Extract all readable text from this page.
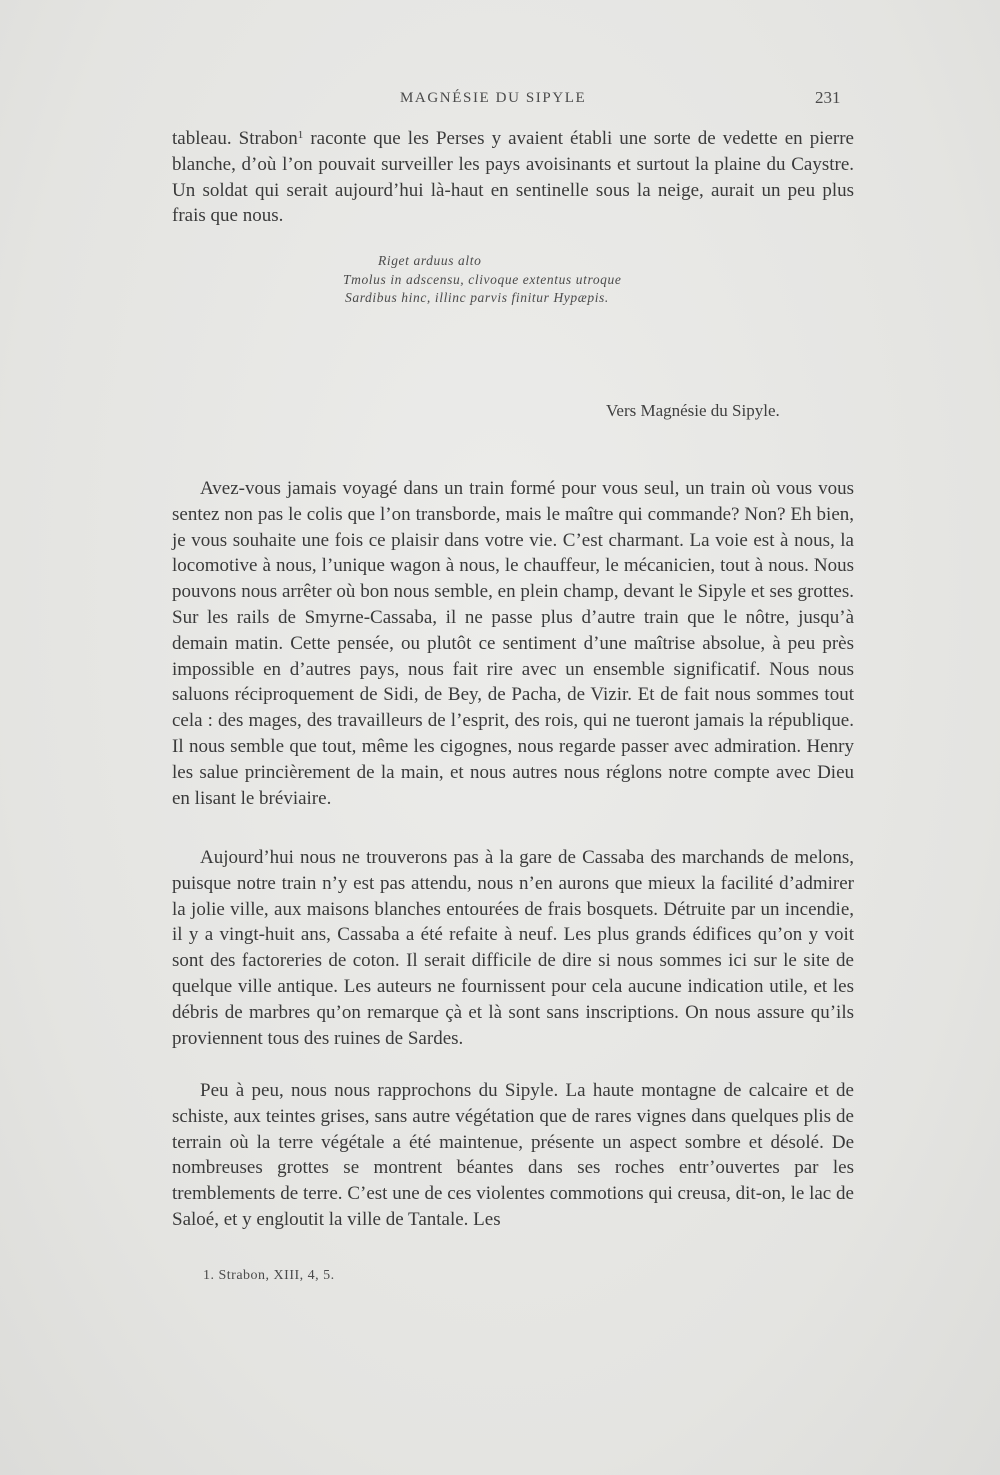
MAGNÉSIE DU SIPYLE	231

tableau. Strabon$^1$ raconte que les Perses y avaient établi une sorte de vedette en pierre blanche, d’où l’on pouvait surveiller les pays avoisinants et surtout la plaine du Caystre. Un soldat qui serait aujourd’hui là-haut en sentinelle sous la neige, aurait un peu plus frais que nous.

Riget arduus alto
Tmolus in adscensu, clivoque extentus utroque
Sardibus hinc, illinc parvis finitur Hypæpis.
Vers Magnésie du Sipyle.

Avez-vous jamais voyagé dans un train formé pour vous seul, un train où vous vous sentez non pas le colis que l’on transborde, mais le maître qui commande? Non? Eh bien, je vous souhaite une fois ce plaisir dans votre vie. C’est charmant. La voie est à nous, la locomotive à nous, l’unique wagon à nous, le chauffeur, le mécanicien, tout à nous. Nous pouvons nous arrêter où bon nous semble, en plein champ, devant le Sipyle et ses grottes. Sur les rails de Smyrne-Cassaba, il ne passe plus d’autre train que le nôtre, jusqu’à demain matin. Cette pensée, ou plutôt ce sentiment d’une maîtrise absolue, à peu près impossible en d’autres pays, nous fait rire avec un ensemble significatif. Nous nous saluons réciproquement de Sidi, de Bey, de Pacha, de Vizir. Et de fait nous sommes tout cela : des mages, des travailleurs de l’esprit, des rois, qui ne tueront jamais la république. Il nous semble que tout, même les cigognes, nous regarde passer avec admiration. Henry les salue princièrement de la main, et nous autres nous réglons notre compte avec Dieu en lisant le bréviaire.

Aujourd’hui nous ne trouverons pas à la gare de Cassaba des marchands de melons, puisque notre train n’y est pas attendu, nous n’en aurons que mieux la facilité d’admirer la jolie ville, aux maisons blanches entourées de frais bosquets. Détruite par un incendie, il y a vingt-huit ans, Cassaba a été refaite à neuf. Les plus grands édifices qu’on y voit sont des factoreries de coton. Il serait difficile de dire si nous sommes ici sur le site de quelque ville antique. Les auteurs ne fournissent pour cela aucune indication utile, et les débris de marbres qu’on remarque çà et là sont sans inscriptions. On nous assure qu’ils proviennent tous des ruines de Sardes.

Peu à peu, nous nous rapprochons du Sipyle. La haute montagne de calcaire et de schiste, aux teintes grises, sans autre végétation que de rares vignes dans quelques plis de terrain où la terre végétale a été maintenue, présente un aspect sombre et désolé. De nombreuses grottes se montrent béantes dans ses roches entr’ouvertes par les tremblements de terre. C’est une de ces violentes commotions qui creusa, dit-on, le lac de Saloé, et y engloutit la ville de Tantale. Les

1. Strabon, XIII, 4, 5.
